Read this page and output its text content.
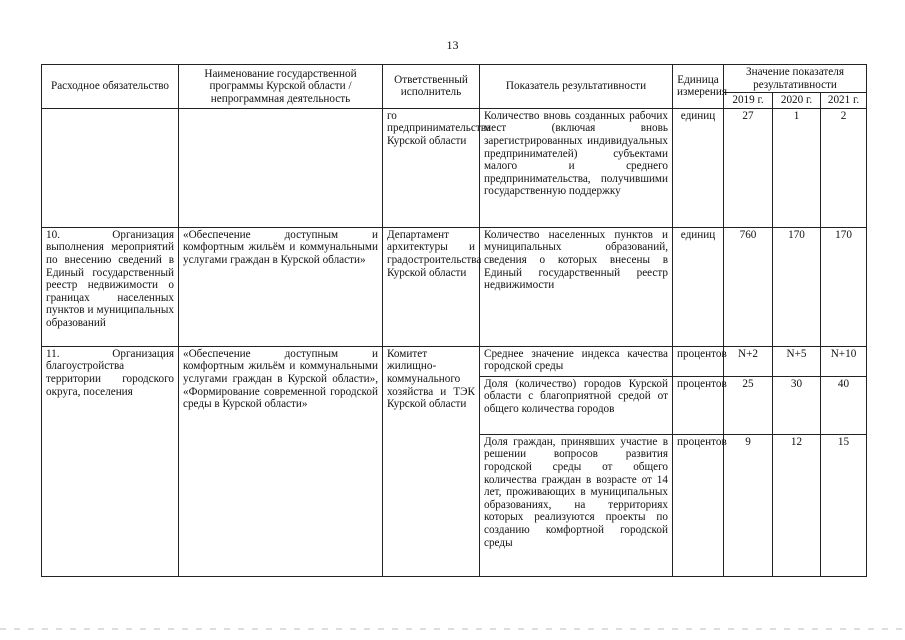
13
Расходное обязательство	Наименование государственной программы Курской области / непрограммная деятельность	Ответственный исполнитель	Показатель результативности	Единица измерения	Значение показателя результативности		
					2019 г.	2020 г.	2021 г.
		го предпринимательства Курской области	Количество вновь созданных рабочих мест (включая вновь зарегистрированных индивидуальных предпринимателей) субъектами малого и среднего предпринимательства, получившими государственную поддержку	единиц	27	1	2
10. Организация выполнения мероприятий по внесению сведений в Единый государственный реестр недвижимости о границах населенных пунктов и муниципальных образований	«Обеспечение доступным и комфортным жильём и коммунальными услугами граждан в Курской области»	Департамент архитектуры и градостроительства Курской области	Количество населенных пунктов и муниципальных образований, сведения о которых внесены в Единый государственный реестр недвижимости	единиц	760	170	170
11. Организация благоустройства территории городского округа, поселения	«Обеспечение доступным и комфортным жильём и коммунальными услугами граждан в Курской области», «Формирование современной городской среды в Курской области»	Комитет жилищно-коммунального хозяйства и ТЭК Курской области	Среднее значение индекса качества городской среды	процентов	N+2	N+5	N+10
			Доля (количество) городов Курской области с благоприятной средой от общего количества городов	процентов	25	30	40
			Доля граждан, принявших участие в решении вопросов развития городской среды от общего количества граждан в возрасте от 14 лет, проживающих в муниципальных образованиях, на территориях которых реализуются проекты по созданию комфортной городской среды	процентов	9	12	15
